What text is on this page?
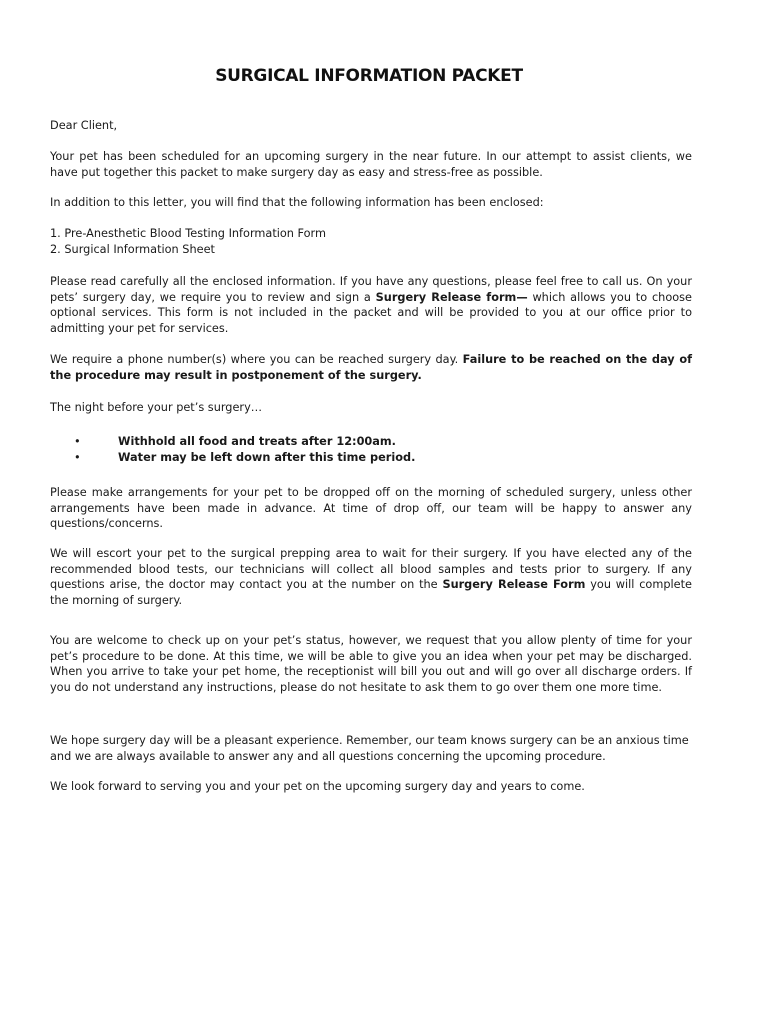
SURGICAL INFORMATION PACKET
Dear Client,
Your pet has been scheduled for an upcoming surgery in the near future. In our attempt to assist clients, we have put together this packet to make surgery day as easy and stress-free as possible.
In addition to this letter, you will find that the following information has been enclosed:
1. Pre-Anesthetic Blood Testing Information Form
2. Surgical Information Sheet
Please read carefully all the enclosed information. If you have any questions, please feel free to call us. On your pets’ surgery day, we require you to review and sign a Surgery Release form— which allows you to choose optional services. This form is not included in the packet and will be provided to you at our office prior to admitting your pet for services.
We require a phone number(s) where you can be reached surgery day. Failure to be reached on the day of the procedure may result in postponement of the surgery.
The night before your pet’s surgery…
•	Withhold all food and treats after 12:00am.
•	Water may be left down after this time period.
Please make arrangements for your pet to be dropped off on the morning of scheduled surgery, unless other arrangements have been made in advance. At time of drop off, our team will be happy to answer any questions/concerns.
We will escort your pet to the surgical prepping area to wait for their surgery. If you have elected any of the recommended blood tests, our technicians will collect all blood samples and tests prior to surgery. If any questions arise, the doctor may contact you at the number on the Surgery Release Form you will complete the morning of surgery.
You are welcome to check up on your pet’s status, however, we request that you allow plenty of time for your pet’s procedure to be done. At this time, we will be able to give you an idea when your pet may be discharged. When you arrive to take your pet home, the receptionist will bill you out and will go over all discharge orders. If you do not understand any instructions, please do not hesitate to ask them to go over them one more time.
We hope surgery day will be a pleasant experience. Remember, our team knows surgery can be an anxious time and we are always available to answer any and all questions concerning the upcoming procedure.
We look forward to serving you and your pet on the upcoming surgery day and years to come.
